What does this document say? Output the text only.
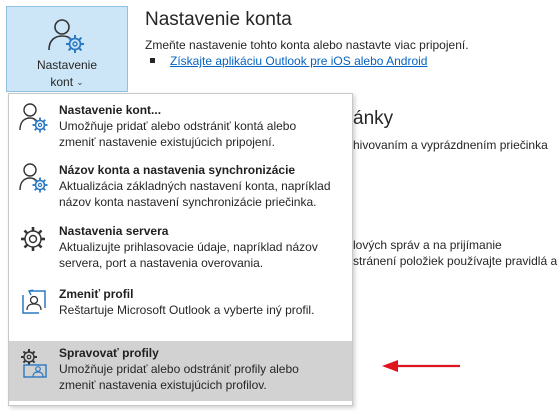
Nastavenie
kont ⌄
Nastavenie konta
Zmeňte nastavenie tohto konta alebo nastavte viac pripojení.
Získajte aplikáciu Outlook pre iOS alebo Android
ánky
hivovaním a vyprázdnením priečinka
lových správ a na prijímanie
stránení položiek používajte pravidlá a
Nastavenie kont...
Umožňuje pridať alebo odstrániť kontá alebo
zmeniť nastavenie existujúcich pripojení.
Názov konta a nastavenia synchronizácie
Aktualizácia základných nastavení konta, napríklad
názov konta nastavení synchronizácie priečinka.
Nastavenia servera
Aktualizujte prihlasovacie údaje, napríklad názov
servera, port a nastavenia overovania.
Zmeniť profil
Reštartuje Microsoft Outlook a vyberte iný profil.
Spravovať profily
Umožňuje pridať alebo odstrániť profily alebo
zmeniť nastavenia existujúcich profilov.
